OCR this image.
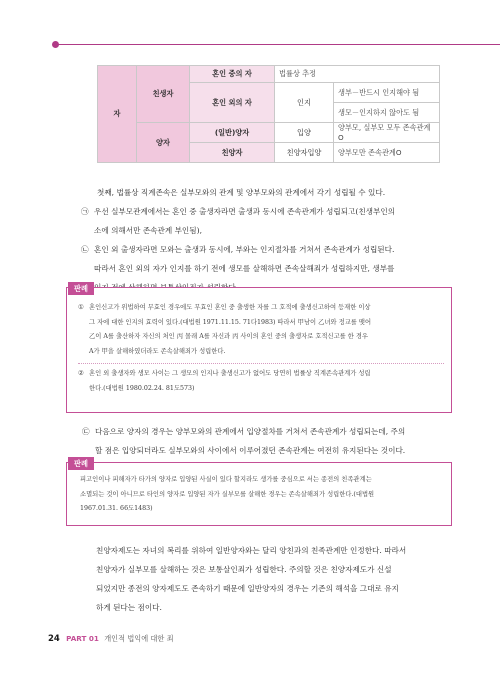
자	친생자	혼인 중의 자	법률상 추정	
		혼인 외의 자	인지	생부－반드시 인지해야 됨
				생모－인지하지 않아도 됨
	양자	(일반)양자	입양	양부모, 실부모 모두 존속관계O
		친양자	친양자입양	양부모만 존속관계O

첫째, 법률상 직계존속은 실부모와의 관계 및 양부모와의 관계에서 각기 성립될 수 있다.

㉠ 우선 실부모관계에서는 혼인 중 출생자라면 출생과 동시에 존속관계가 성립되고(친생부인의
소에 의해서만 존속관계 부인됨),
㉡ 혼인 외 출생자라면 모와는 출생과 동시에, 부와는 인지절차를 거쳐서 존속관계가 성립된다.
따라서 혼인 외의 자가 인지를 하기 전에 생모를 살해하면 존속살해죄가 성립하지만, 생부를
판례
① 혼인신고가 위법하여 무효인 경우에도 무효인 혼인 중 출생한 자를 그 호적에 출생신고하여 등재한 이상
그 자에 대한 인지의 효력이 있다.(대법원 1971.11.15. 71다1983) 따라서 甲남이 乙녀와 정교를 맺어
乙이 A를 출산하자 자신의 처인 丙 몰래 A를 자신과 丙 사이의 혼인 중의 출생자로 호적신고를 한 경우
A가 甲을 살해하였더라도 존속살해죄가 성립한다.
② 혼인 외 출생자와 생모 사이는 그 생모의 인지나 출생신고가 없어도 당연히 법률상 직계존속관계가 성립
한다.(대법원 1980.02.24. 81도573)
㉢ 다음으로 양자의 경우는 양부모와의 관계에서 입양절차를 거쳐서 존속관계가 성립되는데, 주의
할 점은 입양되더라도 실부모와의 사이에서 이루어졌던 존속관계는 여전히 유지된다는 것이다.
판례
피고인이나 피해자가 타가의 양자로 입양된 사실이 있다 할지라도 생가를 중심으로 서는 종전의 친족관계는
소멸되는 것이 아니므로 타인의 양자로 입양된 자가 실부모를 살해한 경우는 존속살해죄가 성립한다.(대법원
1967.01.31. 66도1483)
친양자제도는 자녀의 복리를 위하여 일반양자와는 달리 양친과의 친족관계만 인정한다. 따라서
친양자가 실부모를 살해하는 것은 보통살인죄가 성립한다. 주의할 것은 친양자제도가 신설
되었지만 종전의 양자제도도 존속하기 때문에 일반양자의 경우는 기존의 해석을 그대로 유지
하게 된다는 점이다.
24 PART 01 개인적 법익에 대한 죄
